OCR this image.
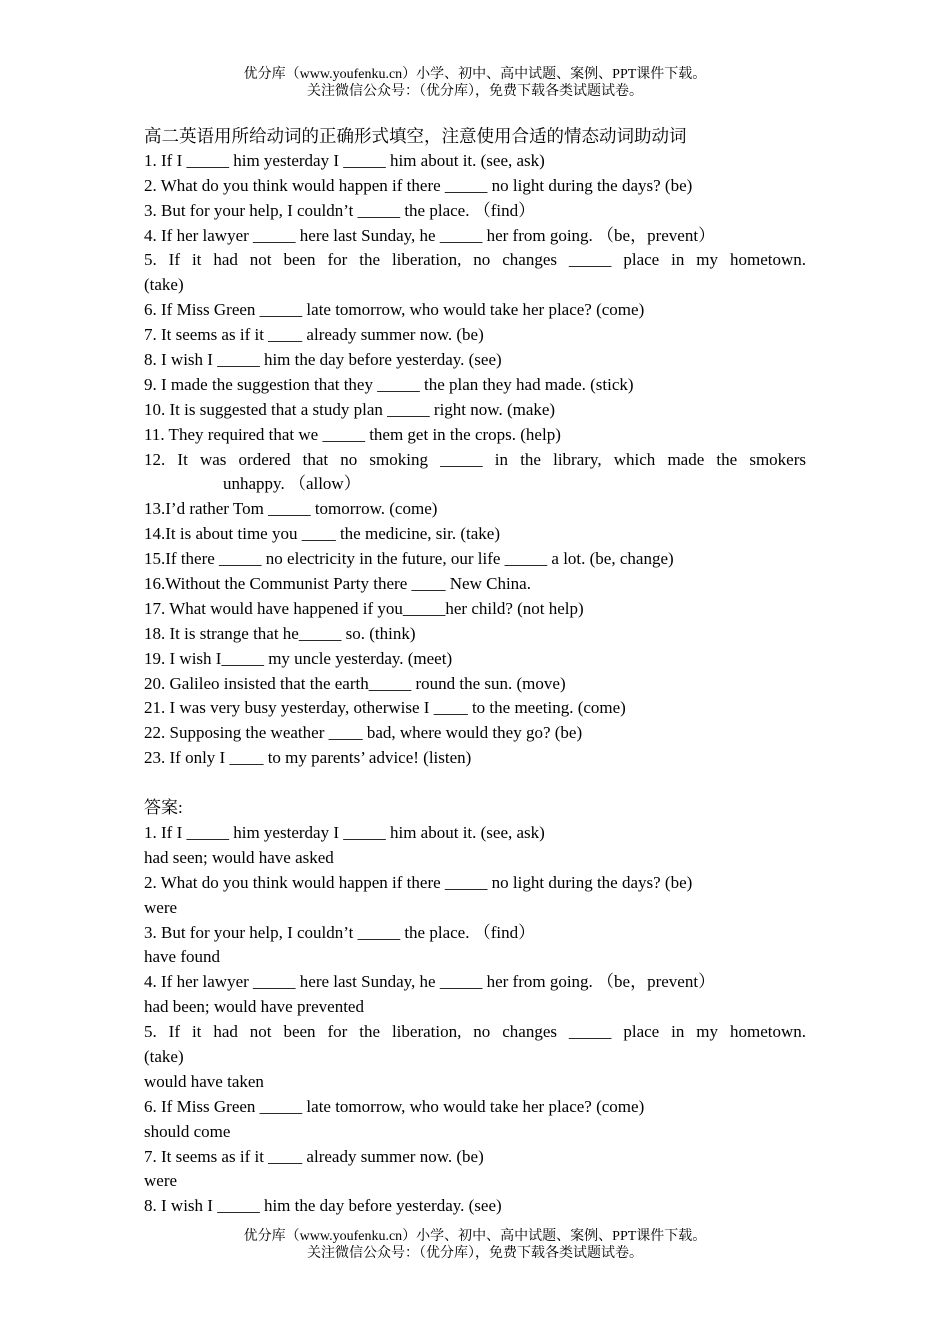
优分库（www.youfenku.cn）小学、初中、高中试题、案例、PPT课件下载。
关注微信公众号：（优分库），免费下载各类试题试卷。
高二英语用所给动词的正确形式填空，注意使用合适的情态动词助动词
1. If I _____ him yesterday I _____ him about it. (see, ask)
2. What do you think would happen if there _____ no light during the days? (be)
3. But for your help, I couldn’t _____ the place. （find）
4. If her lawyer _____ here last Sunday, he _____ her from going. （be，prevent）
5. If it had not been for the liberation, no changes _____ place in my hometown.
(take)
6. If Miss Green _____ late tomorrow, who would take her place? (come)
7. It seems as if it ____ already summer now. (be)
8. I wish I _____ him the day before yesterday. (see)
9. I made the suggestion that they _____ the plan they had made. (stick)
10. It is suggested that a study plan _____ right now. (make)
11. They required that we _____ them get in the crops. (help)
12. It was ordered that no smoking _____ in the library, which made the smokers
unhappy. （allow）
13.I’d rather Tom _____ tomorrow. (come)
14.It is about time you ____ the medicine, sir. (take)
15.If there _____ no electricity in the future, our life _____ a lot. (be, change)
16.Without the Communist Party there ____ New China.
17. What would have happened if you_____her child? (not help)
18. It is strange that he_____ so. (think)
19. I wish I_____ my uncle yesterday. (meet)
20. Galileo insisted that the earth_____ round the sun. (move)
21. I was very busy yesterday, otherwise I ____ to the meeting. (come)
22. Supposing the weather ____ bad, where would they go? (be)
23. If only I ____ to my parents’ advice! (listen)
答案:
1. If I _____ him yesterday I _____ him about it. (see, ask)
had seen; would have asked
2. What do you think would happen if there _____ no light during the days? (be)
were
3. But for your help, I couldn’t _____ the place. （find）
have found
4. If her lawyer _____ here last Sunday, he _____ her from going. （be，prevent）
had been; would have prevented
5. If it had not been for the liberation, no changes _____ place in my hometown.
(take)
would have taken
6. If Miss Green _____ late tomorrow, who would take her place? (come)
should come
7. It seems as if it ____ already summer now. (be)
were
8. I wish I _____ him the day before yesterday. (see)
优分库（www.youfenku.cn）小学、初中、高中试题、案例、PPT课件下载。
关注微信公众号：（优分库），免费下载各类试题试卷。
